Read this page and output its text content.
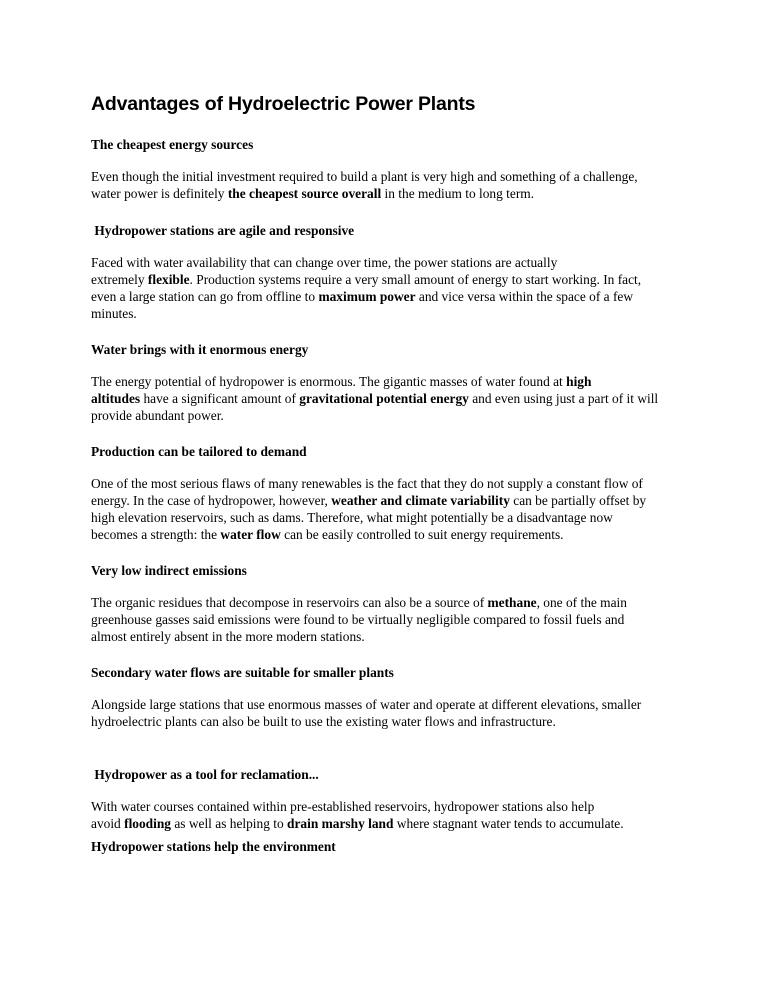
Advantages of Hydroelectric Power Plants
The cheapest energy sources
Even though the initial investment required to build a plant is very high and something of a challenge,
water power is definitely the cheapest source overall in the medium to long term.
Hydropower stations are agile and responsive
Faced with water availability that can change over time, the power stations are actually
extremely flexible. Production systems require a very small amount of energy to start working. In fact,
even a large station can go from offline to maximum power and vice versa within the space of a few
minutes.
Water brings with it enormous energy
The energy potential of hydropower is enormous. The gigantic masses of water found at high
altitudes have a significant amount of gravitational potential energy and even using just a part of it will
provide abundant power.
Production can be tailored to demand
One of the most serious flaws of many renewables is the fact that they do not supply a constant flow of
energy. In the case of hydropower, however, weather and climate variability can be partially offset by
high elevation reservoirs, such as dams. Therefore, what might potentially be a disadvantage now
becomes a strength: the water flow can be easily controlled to suit energy requirements.
Very low indirect emissions
The organic residues that decompose in reservoirs can also be a source of methane, one of the main
greenhouse gasses said emissions were found to be virtually negligible compared to fossil fuels and
almost entirely absent in the more modern stations.
Secondary water flows are suitable for smaller plants
Alongside large stations that use enormous masses of water and operate at different elevations, smaller
hydroelectric plants can also be built to use the existing water flows and infrastructure.
Hydropower as a tool for reclamation...
With water courses contained within pre-established reservoirs, hydropower stations also help
avoid flooding as well as helping to drain marshy land where stagnant water tends to accumulate.
Hydropower stations help the environment
